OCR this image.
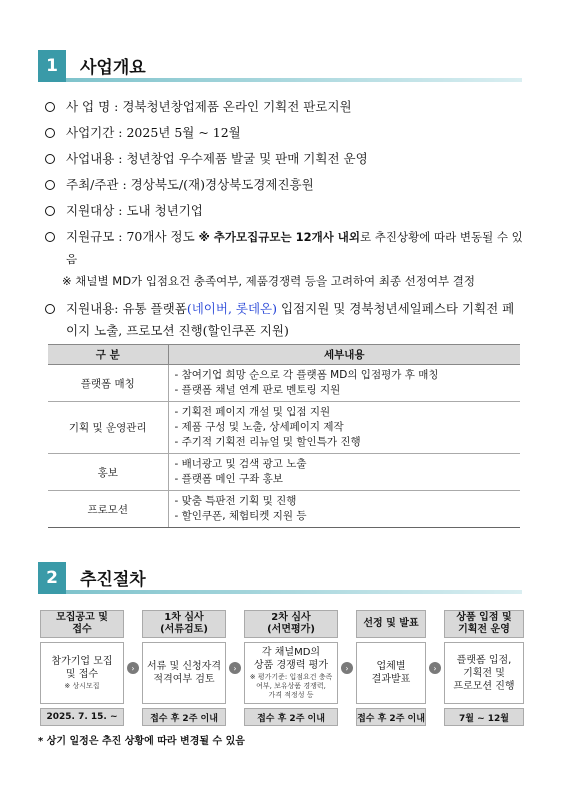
1	사업개요
사 업 명 : 경북청년창업제품 온라인 기획전 판로지원
사업기간 : 2025년 5월 ~ 12월
사업내용 : 청년창업 우수제품 발굴 및 판매 기획전 운영
주최/주관 : 경상북도/(재)경상북도경제진흥원
지원대상 : 도내 청년기업
지원규모 : 70개사 정도 ※ 추가모집규모는 12개사 내외로 추진상황에 따라 변동될 수 있음
※ 채널별 MD가 입점요건 충족여부, 제품경쟁력 등을 고려하여 최종 선정여부 결정
지원내용: 유통 플랫폼(네이버, 롯데온) 입점지원 및 경북청년세일페스타 기획전 페이지 노출, 프로모션 진행(할인쿠폰 지원)
구 분	세부내용
플랫폼 매칭	- 참여기업 희망 순으로 각 플랫폼 MD의 입점평가 후 매칭
- 플랫폼 채널 연계 판로 멘토링 지원

기획 및 운영관리	- 기획전 페이지 개설 및 입점 지원
- 제품 구성 및 노출, 상세페이지 제작
- 주기적 기획전 리뉴얼 및 할인특가 진행

홍보	- 배너광고 및 검색 광고 노출
- 플랫폼 메인 구좌 홍보

프로모션	- 맞춤 특판전 기획 및 진행
- 할인쿠폰, 체험티켓 지원 등
2	추진절차
모집공고 및
접수
참가기업 모집
및 접수
※ 상시모집
2025. 7. 15. ~
›
1차 심사
(서류검토)
서류 및 신청자격
적격여부 검토
접수 후 2주 이내
›
2차 심사
(서면평가)
각 채널MD의
상품 경쟁력 평가
※ 평가기준: 입점요건 충족
여부, 보유상품 경쟁력,
가격 적정성 등
접수 후 2주 이내
›
선정 및 발표
업체별
결과발표
접수 후 2주 이내
›
상품 입점 및
기획전 운영
플랫폼 입점,
기획전 및
프로모션 진행
7월 ~ 12월
* 상기 일정은 추진 상황에 따라 변경될 수 있음
